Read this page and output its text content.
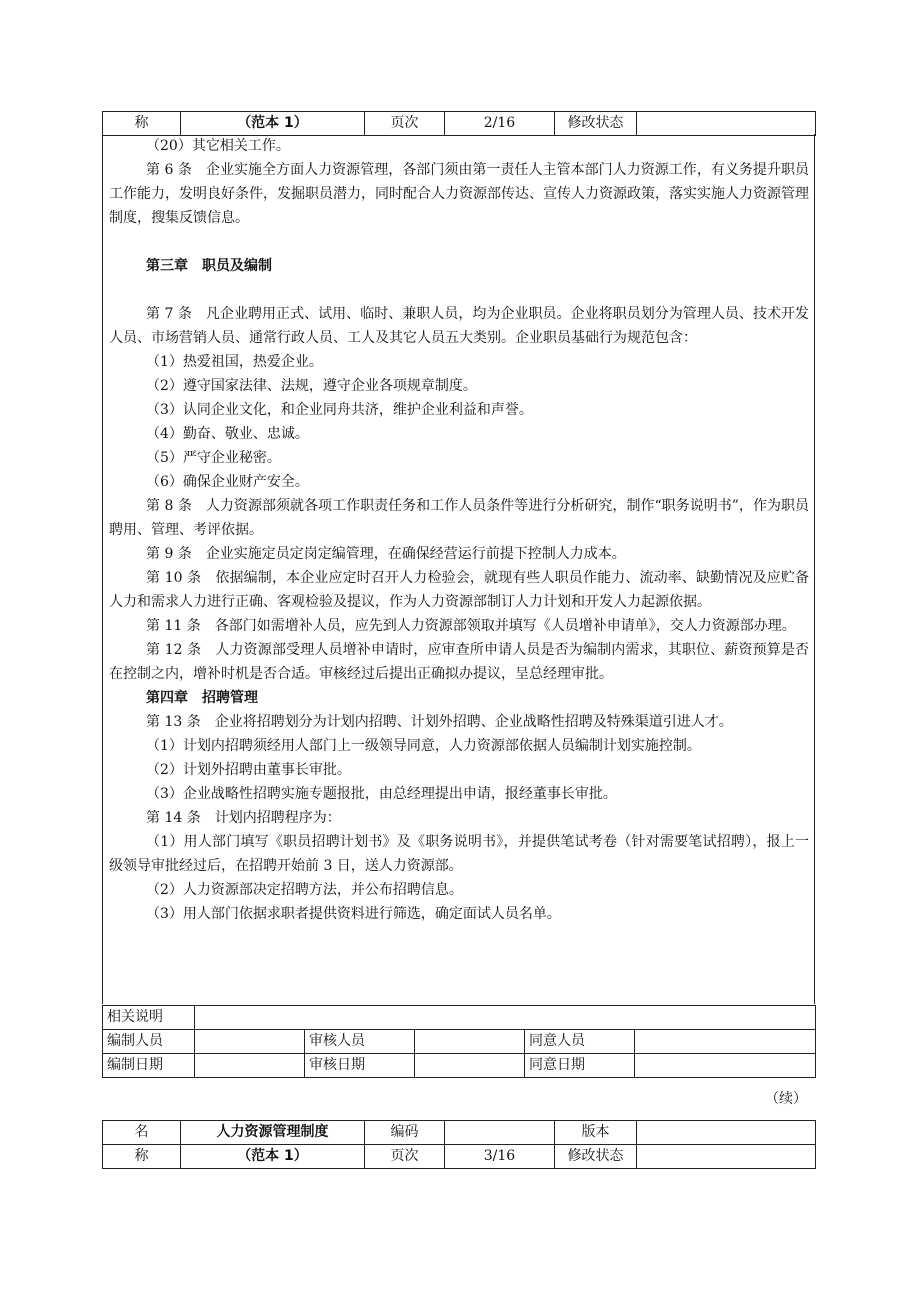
称	（范本 1）	页次	2/16	修改状态	
（20）其它相关工作。
第 6 条　企业实施全方面人力资源管理，各部门须由第一责任人主管本部门人力资源工作，有义务提升职员工作能力，发明良好条件，发掘职员潜力，同时配合人力资源部传达、宣传人力资源政策，落实实施人力资源管理制度，搜集反馈信息。
第三章　职员及编制
第 7 条　凡企业聘用正式、试用、临时、兼职人员，均为企业职员。企业将职员划分为管理人员、技术开发人员、市场营销人员、通常行政人员、工人及其它人员五大类别。企业职员基础行为规范包含：
（1）热爱祖国，热爱企业。
（2）遵守国家法律、法规，遵守企业各项规章制度。
（3）认同企业文化，和企业同舟共济，维护企业利益和声誉。
（4）勤奋、敬业、忠诚。
（5）严守企业秘密。
（6）确保企业财产安全。
第 8 条　人力资源部须就各项工作职责任务和工作人员条件等进行分析研究，制作“职务说明书”，作为职员聘用、管理、考评依据。
第 9 条　企业实施定员定岗定编管理，在确保经营运行前提下控制人力成本。
第 10 条　依据编制，本企业应定时召开人力检验会，就现有些人职员作能力、流动率、缺勤情况及应贮备人力和需求人力进行正确、客观检验及提议，作为人力资源部制订人力计划和开发人力起源依据。
第 11 条　各部门如需增补人员，应先到人力资源部领取并填写《人员增补申请单》，交人力资源部办理。
第 12 条　人力资源部受理人员增补申请时，应审查所申请人员是否为编制内需求，其职位、薪资预算是否在控制之内，增补时机是否合适。审核经过后提出正确拟办提议，呈总经理审批。
第四章　招聘管理
第 13 条　企业将招聘划分为计划内招聘、计划外招聘、企业战略性招聘及特殊渠道引进人才。
（1）计划内招聘须经用人部门上一级领导同意，人力资源部依据人员编制计划实施控制。
（2）计划外招聘由董事长审批。
（3）企业战略性招聘实施专题报批，由总经理提出申请，报经董事长审批。
第 14 条　计划内招聘程序为：
（1）用人部门填写《职员招聘计划书》及《职务说明书》，并提供笔试考卷（针对需要笔试招聘），报上一级领导审批经过后，在招聘开始前 3 日，送人力资源部。
（2）人力资源部决定招聘方法，并公布招聘信息。
（3）用人部门依据求职者提供资料进行筛选，确定面试人员名单。
相关说明					
编制人员		审核人员		同意人员	
编制日期		审核日期		同意日期	
（续）
名	人力资源管理制度	编码		版本	
称	（范本 1）	页次	3/16	修改状态	
